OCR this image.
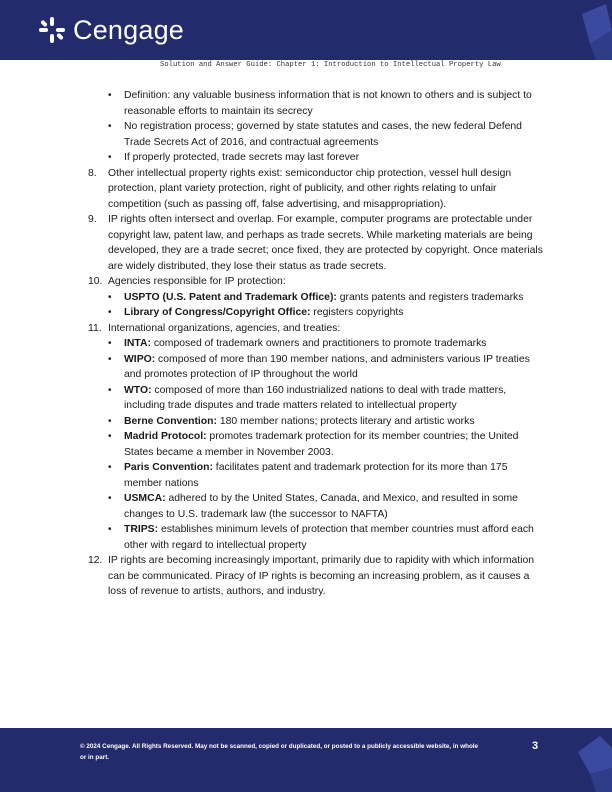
Cengage
Solution and Answer Guide: Chapter 1: Introduction to Intellectual Property Law
• Definition: any valuable business information that is not known to others and is subject to reasonable efforts to maintain its secrecy
• No registration process; governed by state statutes and cases, the new federal Defend Trade Secrets Act of 2016, and contractual agreements
• If properly protected, trade secrets may last forever
8. Other intellectual property rights exist: semiconductor chip protection, vessel hull design protection, plant variety protection, right of publicity, and other rights relating to unfair competition (such as passing off, false advertising, and misappropriation).
9. IP rights often intersect and overlap. For example, computer programs are protectable under copyright law, patent law, and perhaps as trade secrets. While marketing materials are being developed, they are a trade secret; once fixed, they are protected by copyright. Once materials are widely distributed, they lose their status as trade secrets.
10. Agencies responsible for IP protection:
• USPTO (U.S. Patent and Trademark Office): grants patents and registers trademarks
• Library of Congress/Copyright Office: registers copyrights
11. International organizations, agencies, and treaties:
• INTA: composed of trademark owners and practitioners to promote trademarks
• WIPO: composed of more than 190 member nations, and administers various IP treaties and promotes protection of IP throughout the world
• WTO: composed of more than 160 industrialized nations to deal with trade matters, including trade disputes and trade matters related to intellectual property
• Berne Convention: 180 member nations; protects literary and artistic works
• Madrid Protocol: promotes trademark protection for its member countries; the United States became a member in November 2003.
• Paris Convention: facilitates patent and trademark protection for its more than 175 member nations
• USMCA: adhered to by the United States, Canada, and Mexico, and resulted in some changes to U.S. trademark law (the successor to NAFTA)
• TRIPS: establishes minimum levels of protection that member countries must afford each other with regard to intellectual property
12. IP rights are becoming increasingly important, primarily due to rapidity with which information can be communicated. Piracy of IP rights is becoming an increasing problem, as it causes a loss of revenue to artists, authors, and industry.
© 2024 Cengage. All Rights Reserved. May not be scanned, copied or duplicated, or posted to a publicly accessible website, in whole or in part.
3
